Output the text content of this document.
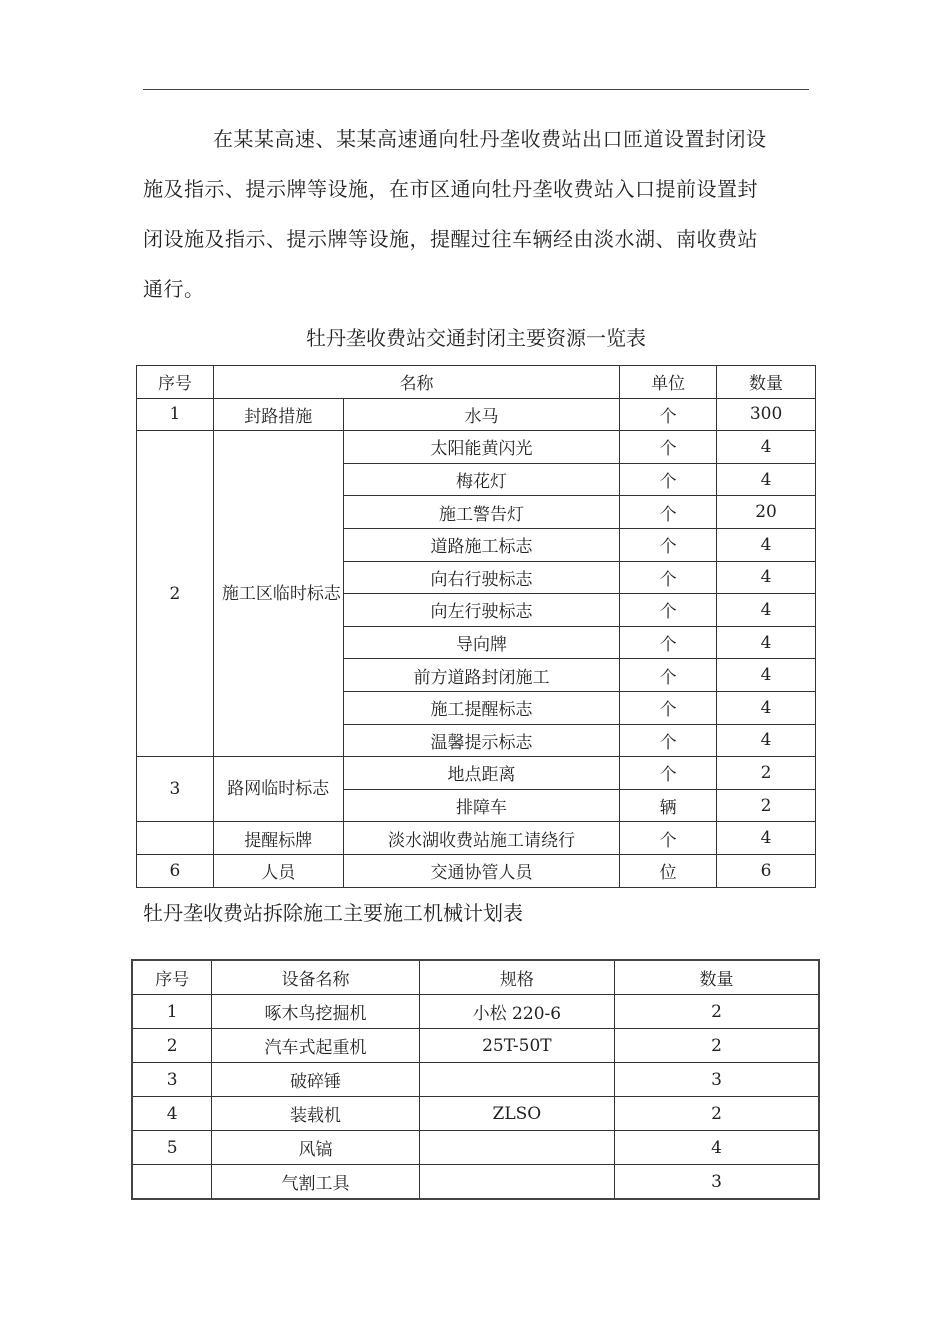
在某某高速、某某高速通向牡丹垄收费站出口匝道设置封闭设
施及指示、提示牌等设施，在市区通向牡丹垄收费站入口提前设置封
闭设施及指示、提示牌等设施，提醒过往车辆经由淡水湖、南收费站
通行。
牡丹垄收费站交通封闭主要资源一览表
序号	名称		单位	数量
1	封路措施	水马	个	300
2	施工区临时标志	太阳能黄闪光	个	4
		梅花灯	个	4
		施工警告灯	个	20
		道路施工标志	个	4
		向右行驶标志	个	4
		向左行驶标志	个	4
		导向牌	个	4
		前方道路封闭施工	个	4
		施工提醒标志	个	4
		温馨提示标志	个	4
3	路网临时标志	地点距离	个	2
		排障车	辆	2
	提醒标牌	淡水湖收费站施工请绕行	个	4
6	人员	交通协管人员	位	6
牡丹垄收费站拆除施工主要施工机械计划表
序号	设备名称	规格	数量
1	啄木鸟挖掘机	小松 220-6	2
2	汽车式起重机	25T-50T	2
3	破碎锤		3
4	装载机	ZLSO	2
5	风镐		4
	气割工具		3
